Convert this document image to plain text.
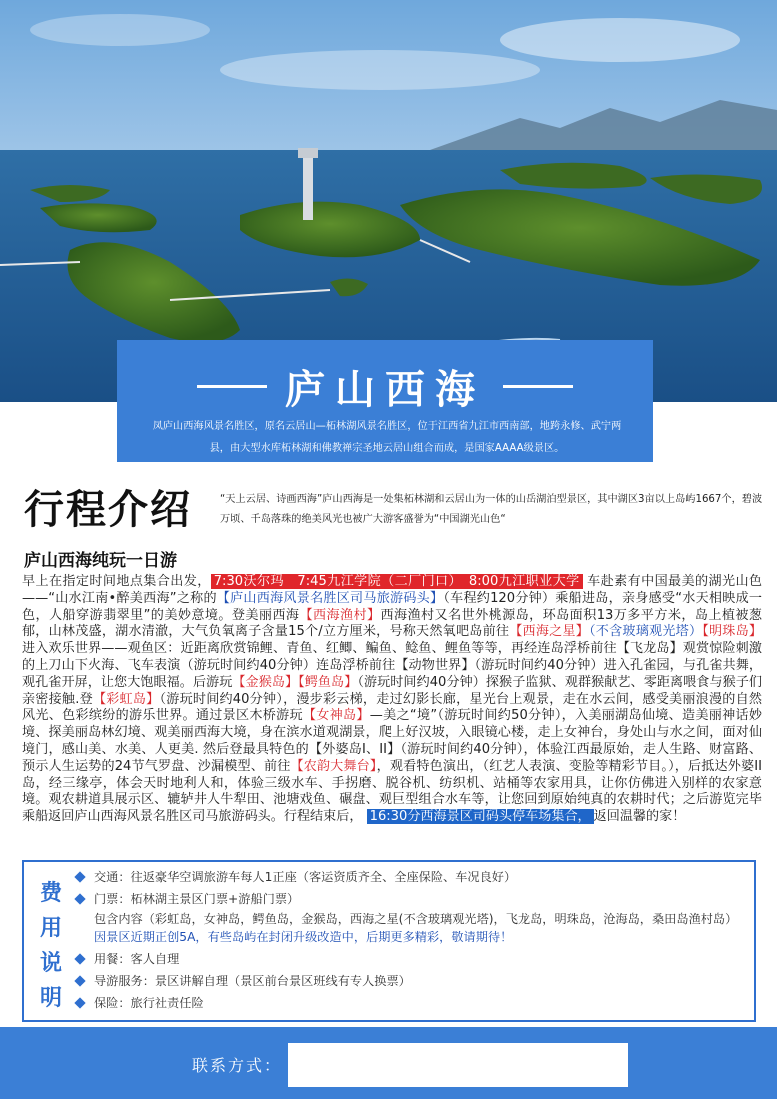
庐山西海
凤庐山西海风景名胜区，原名云居山—柘林湖风景名胜区，位于江西省九江市西南部，地跨永修、武宁两县，由大型水库柘林湖和佛教禅宗圣地云居山组合而成，是国家AAAA级景区。
行程介绍	“天上云居、诗画西海”庐山西海是一处集柘林湖和云居山为一体的山岳湖泊型景区，其中湖区3亩以上岛屿1667个，碧波万顷、千岛落珠的绝美风光也被广大游客盛誉为“中国湖光山色“
庐山西海纯玩一日游
早上在指定时间地点集合出发， 7:30沃尔玛　7:45九江学院（二厂门口）　8:00九江职业大学 车赴素有中国最美的湖光山色——“山水江南•醉美西海”之称的【庐山西海风景名胜区司马旅游码头】（车程约120分钟）乘船进岛，亲身感受“水天相映成一色，人船穿游翡翠里”的美妙意境。登美丽西海【西海渔村】西海渔村又名世外桃源岛，环岛面积13万多平方米，岛上植被葱郁，山林茂盛，湖水清澈，大气负氧离子含量15个/立方厘米，号称天然氧吧岛前往【西海之星】（不含玻璃观光塔）【明珠岛】进入欢乐世界——观鱼区：近距离欣赏锦鲤、青鱼、红鲫、鳊鱼、鲶鱼、鲤鱼等等，再经连岛浮桥前往【飞龙岛】观赏惊险刺激的上刀山下火海、飞车表演（游玩时间约40分钟）连岛浮桥前往【动物世界】（游玩时间约40分钟）进入孔雀园，与孔雀共舞，观孔雀开屏，让您大饱眼福。后游玩【金猴岛】【鳄鱼岛】（游玩时间约40分钟）探猴子监狱、观群猴献艺、零距离喂食与猴子们亲密接触.登【彩虹岛】（游玩时间约40分钟），漫步彩云梯，走过幻影长廊，星光台上观景，走在水云间，感受美丽浪漫的自然风光、色彩缤纷的游乐世界。通过景区木桥游玩【女神岛】—美之“境”（游玩时间约50分钟），入美丽湖岛仙境、造美丽神话妙境、探美丽岛林幻境、观美丽西海大境，身在滨水道观湖景，爬上好汉坡，入眼镜心楼，走上女神台，身处山与水之间，面对仙境门，感山美、水美、人更美. 然后登最具特色的【外婆岛I、II】（游玩时间约40分钟），体验江西最原始，走人生路、财富路、预示人生运势的24节气罗盘、沙漏模型、前往【农韵大舞台】，观看特色演出，（红艺人表演、变脸等精彩节目。），后抵达外婆II岛，经三缘亭，体会天时地利人和，体验三级水车、手拐磨、脱谷机、纺织机、站桶等农家用具，让你仿佛进入别样的农家意境。观农耕道具展示区、辘轳井人牛犁田、池塘戏鱼、碾盘、观巨型组合水车等，让您回到原始纯真的农耕时代；之后游览完毕乘船返回庐山西海风景名胜区司马旅游码头。行程结束后， 16:30分西海景区司码头停车场集合， 返回温馨的家！
费
用
说
明
交通：往返豪华空调旅游车每人1正座（客运资质齐全、全座保险、车况良好）
门票：柘林湖主景区门票+游船门票）
包含内容（彩虹岛，女神岛，鳄鱼岛，金猴岛，西海之星(不含玻璃观光塔)，飞龙岛，明珠岛，沧海岛，桑田岛渔村岛）因景区近期正创5A，有些岛屿在封闭升级改造中，后期更多精彩，敬请期待！
用餐：客人自理
导游服务：景区讲解自理（景区前台景区班线有专人换票）
保险：旅行社责任险
联系方式：
